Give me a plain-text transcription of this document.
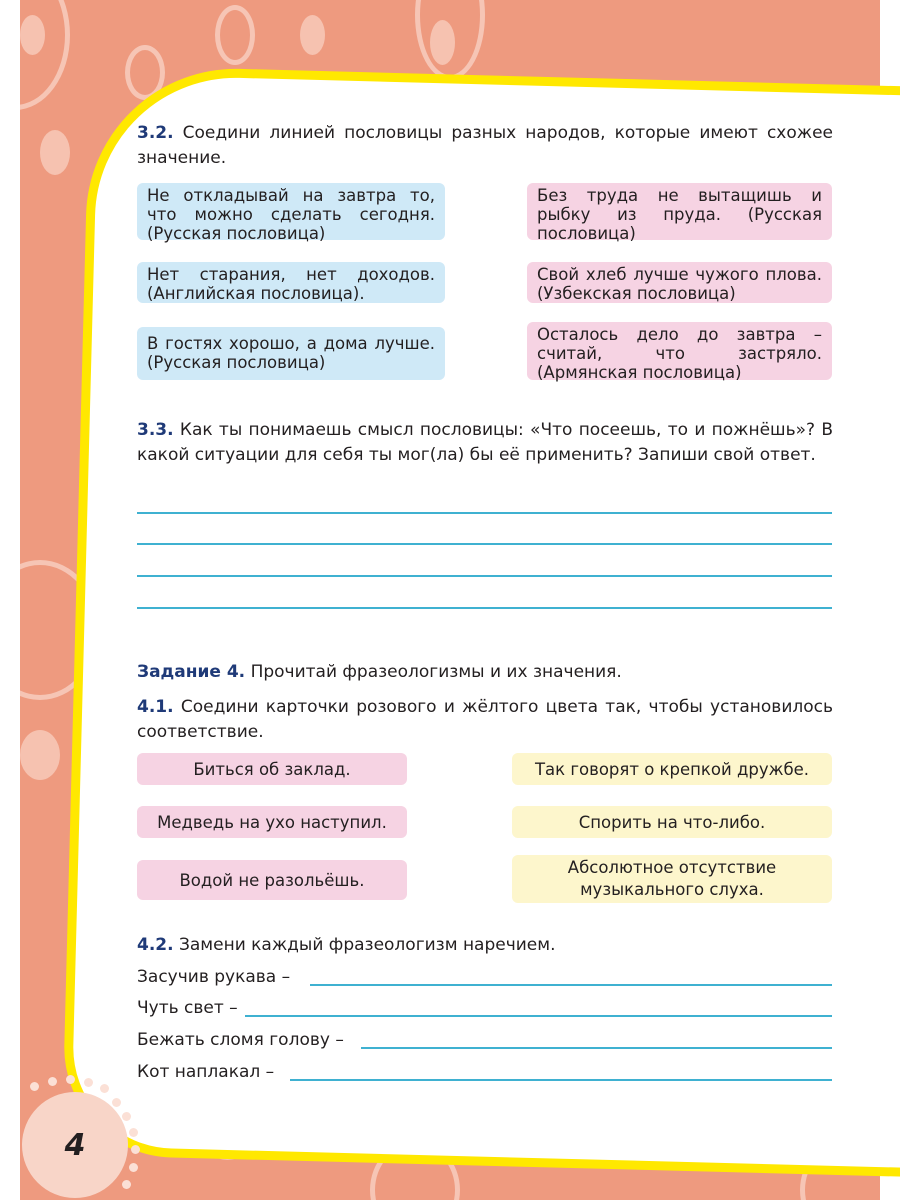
4
3.2. Соедини линией пословицы разных народов, которые имеют схожее значение.
Не откладывай на завтра то, что можно сделать сегодня. (Русская пословица)
Нет старания, нет доходов. (Английская пословица).
В гостях хорошо, а дома лучше. (Русская пословица)
Без труда не вытащишь и рыбку из пруда. (Русская пословица)
Свой хлеб лучше чужого плова. (Узбекская пословица)
Осталось дело до завтра – считай, что застряло. (Армянская пословица)
3.3. Как ты понимаешь смысл пословицы: «Что посеешь, то и пожнёшь»? В какой ситуации для себя ты мог(ла) бы её применить? Запиши свой ответ.
Задание 4. Прочитай фразеологизмы и их значения.
4.1. Соедини карточки розового и жёлтого цвета так, чтобы установилось соответствие.
Биться об заклад.
Медведь на ухо наступил.
Водой не разольёшь.
Так говорят о крепкой дружбе.
Спорить на что-либо.
Абсолютное отсутствие музыкального слуха.
4.2. Замени каждый фразеологизм наречием.
Засучив рукава –
Чуть свет –
Бежать сломя голову –
Кот наплакал –
